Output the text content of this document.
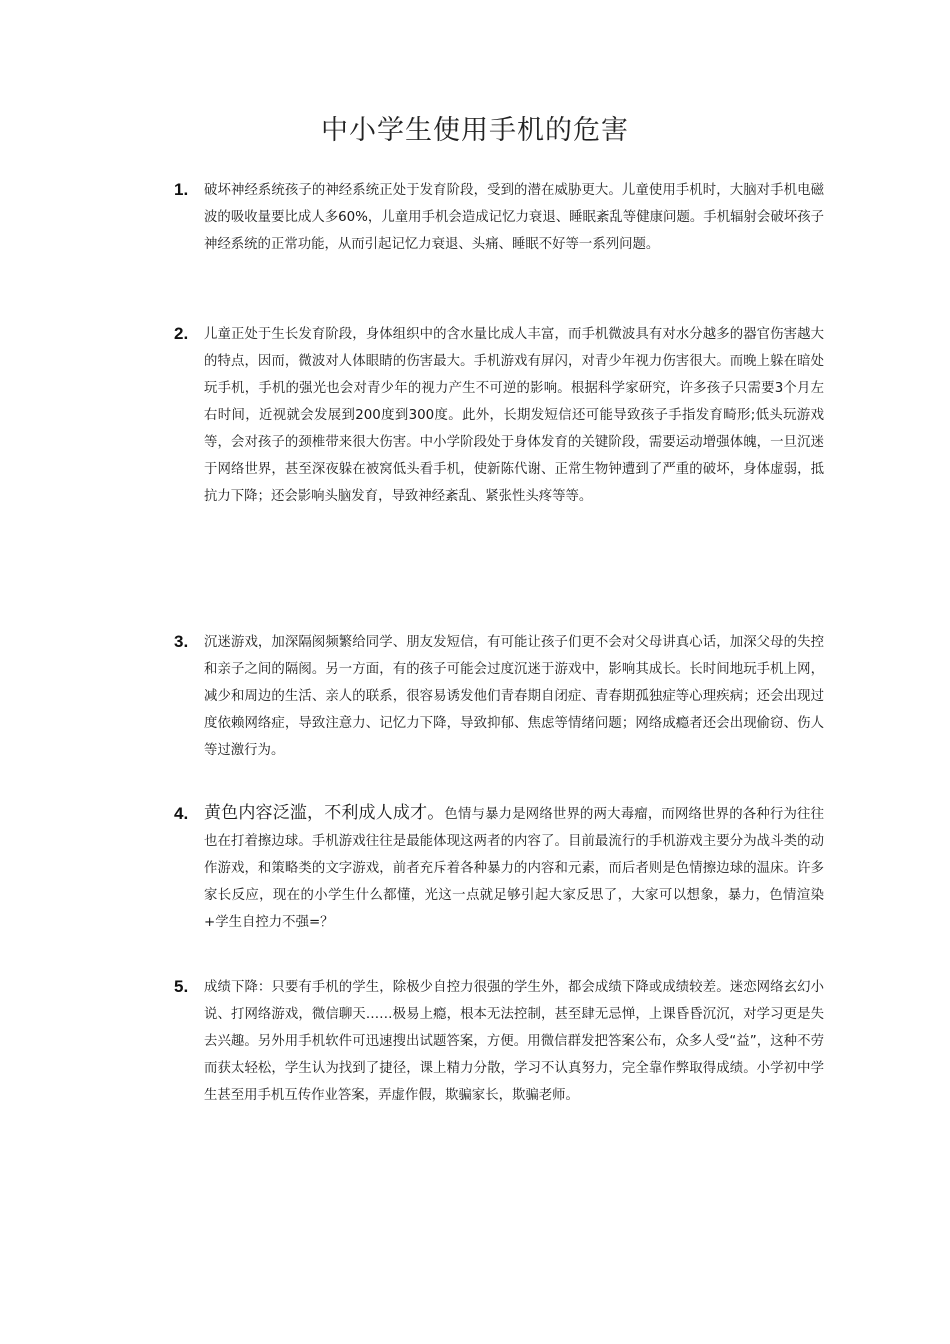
中小学生使用手机的危害
1. 破坏神经系统孩子的神经系统正处于发育阶段，受到的潜在威胁更大。儿童使用手机时，大脑对手机电磁波的吸收量要比成人多60%，儿童用手机会造成记忆力衰退、睡眠紊乱等健康问题。手机辐射会破坏孩子神经系统的正常功能，从而引起记忆力衰退、头痛、睡眠不好等一系列问题。

2. 儿童正处于生长发育阶段，身体组织中的含水量比成人丰富，而手机微波具有对水分越多的器官伤害越大的特点，因而，微波对人体眼睛的伤害最大。手机游戏有屏闪，对青少年视力伤害很大。而晚上躲在暗处玩手机，手机的强光也会对青少年的视力产生不可逆的影响。根据科学家研究，许多孩子只需要3个月左右时间，近视就会发展到200度到300度。此外，长期发短信还可能导致孩子手指发育畸形;低头玩游戏等，会对孩子的颈椎带来很大伤害。中小学阶段处于身体发育的关键阶段，需要运动增强体魄，一旦沉迷于网络世界，甚至深夜躲在被窝低头看手机，使新陈代谢、正常生物钟遭到了严重的破坏，身体虚弱，抵抗力下降；还会影响头脑发育，导致神经紊乱、紧张性头疼等等。

3. 沉迷游戏，加深隔阂频繁给同学、朋友发短信，有可能让孩子们更不会对父母讲真心话，加深父母的失控和亲子之间的隔阂。另一方面，有的孩子可能会过度沉迷于游戏中，影响其成长。长时间地玩手机上网，减少和周边的生活、亲人的联系，很容易诱发他们青春期自闭症、青春期孤独症等心理疾病；还会出现过度依赖网络症，导致注意力、记忆力下降，导致抑郁、焦虑等情绪问题；网络成瘾者还会出现偷窃、伤人等过激行为。

4. 黄色内容泛滥，不利成人成才。色情与暴力是网络世界的两大毒瘤，而网络世界的各种行为往往也在打着擦边球。手机游戏往往是最能体现这两者的内容了。目前最流行的手机游戏主要分为战斗类的动作游戏，和策略类的文字游戏，前者充斥着各种暴力的内容和元素，而后者则是色情擦边球的温床。许多家长反应，现在的小学生什么都懂，光这一点就足够引起大家反思了，大家可以想象，暴力，色情渲染+学生自控力不强=？

5. 成绩下降：只要有手机的学生，除极少自控力很强的学生外，都会成绩下降或成绩较差。迷恋网络玄幻小说、打网络游戏，微信聊天……极易上瘾，根本无法控制，甚至肆无忌惮，上课昏昏沉沉，对学习更是失去兴趣。另外用手机软件可迅速搜出试题答案，方便。用微信群发把答案公布，众多人受“益”，这种不劳而获太轻松，学生认为找到了捷径，课上精力分散，学习不认真努力，完全靠作弊取得成绩。小学初中学生甚至用手机互传作业答案，弄虚作假，欺骗家长，欺骗老师。
